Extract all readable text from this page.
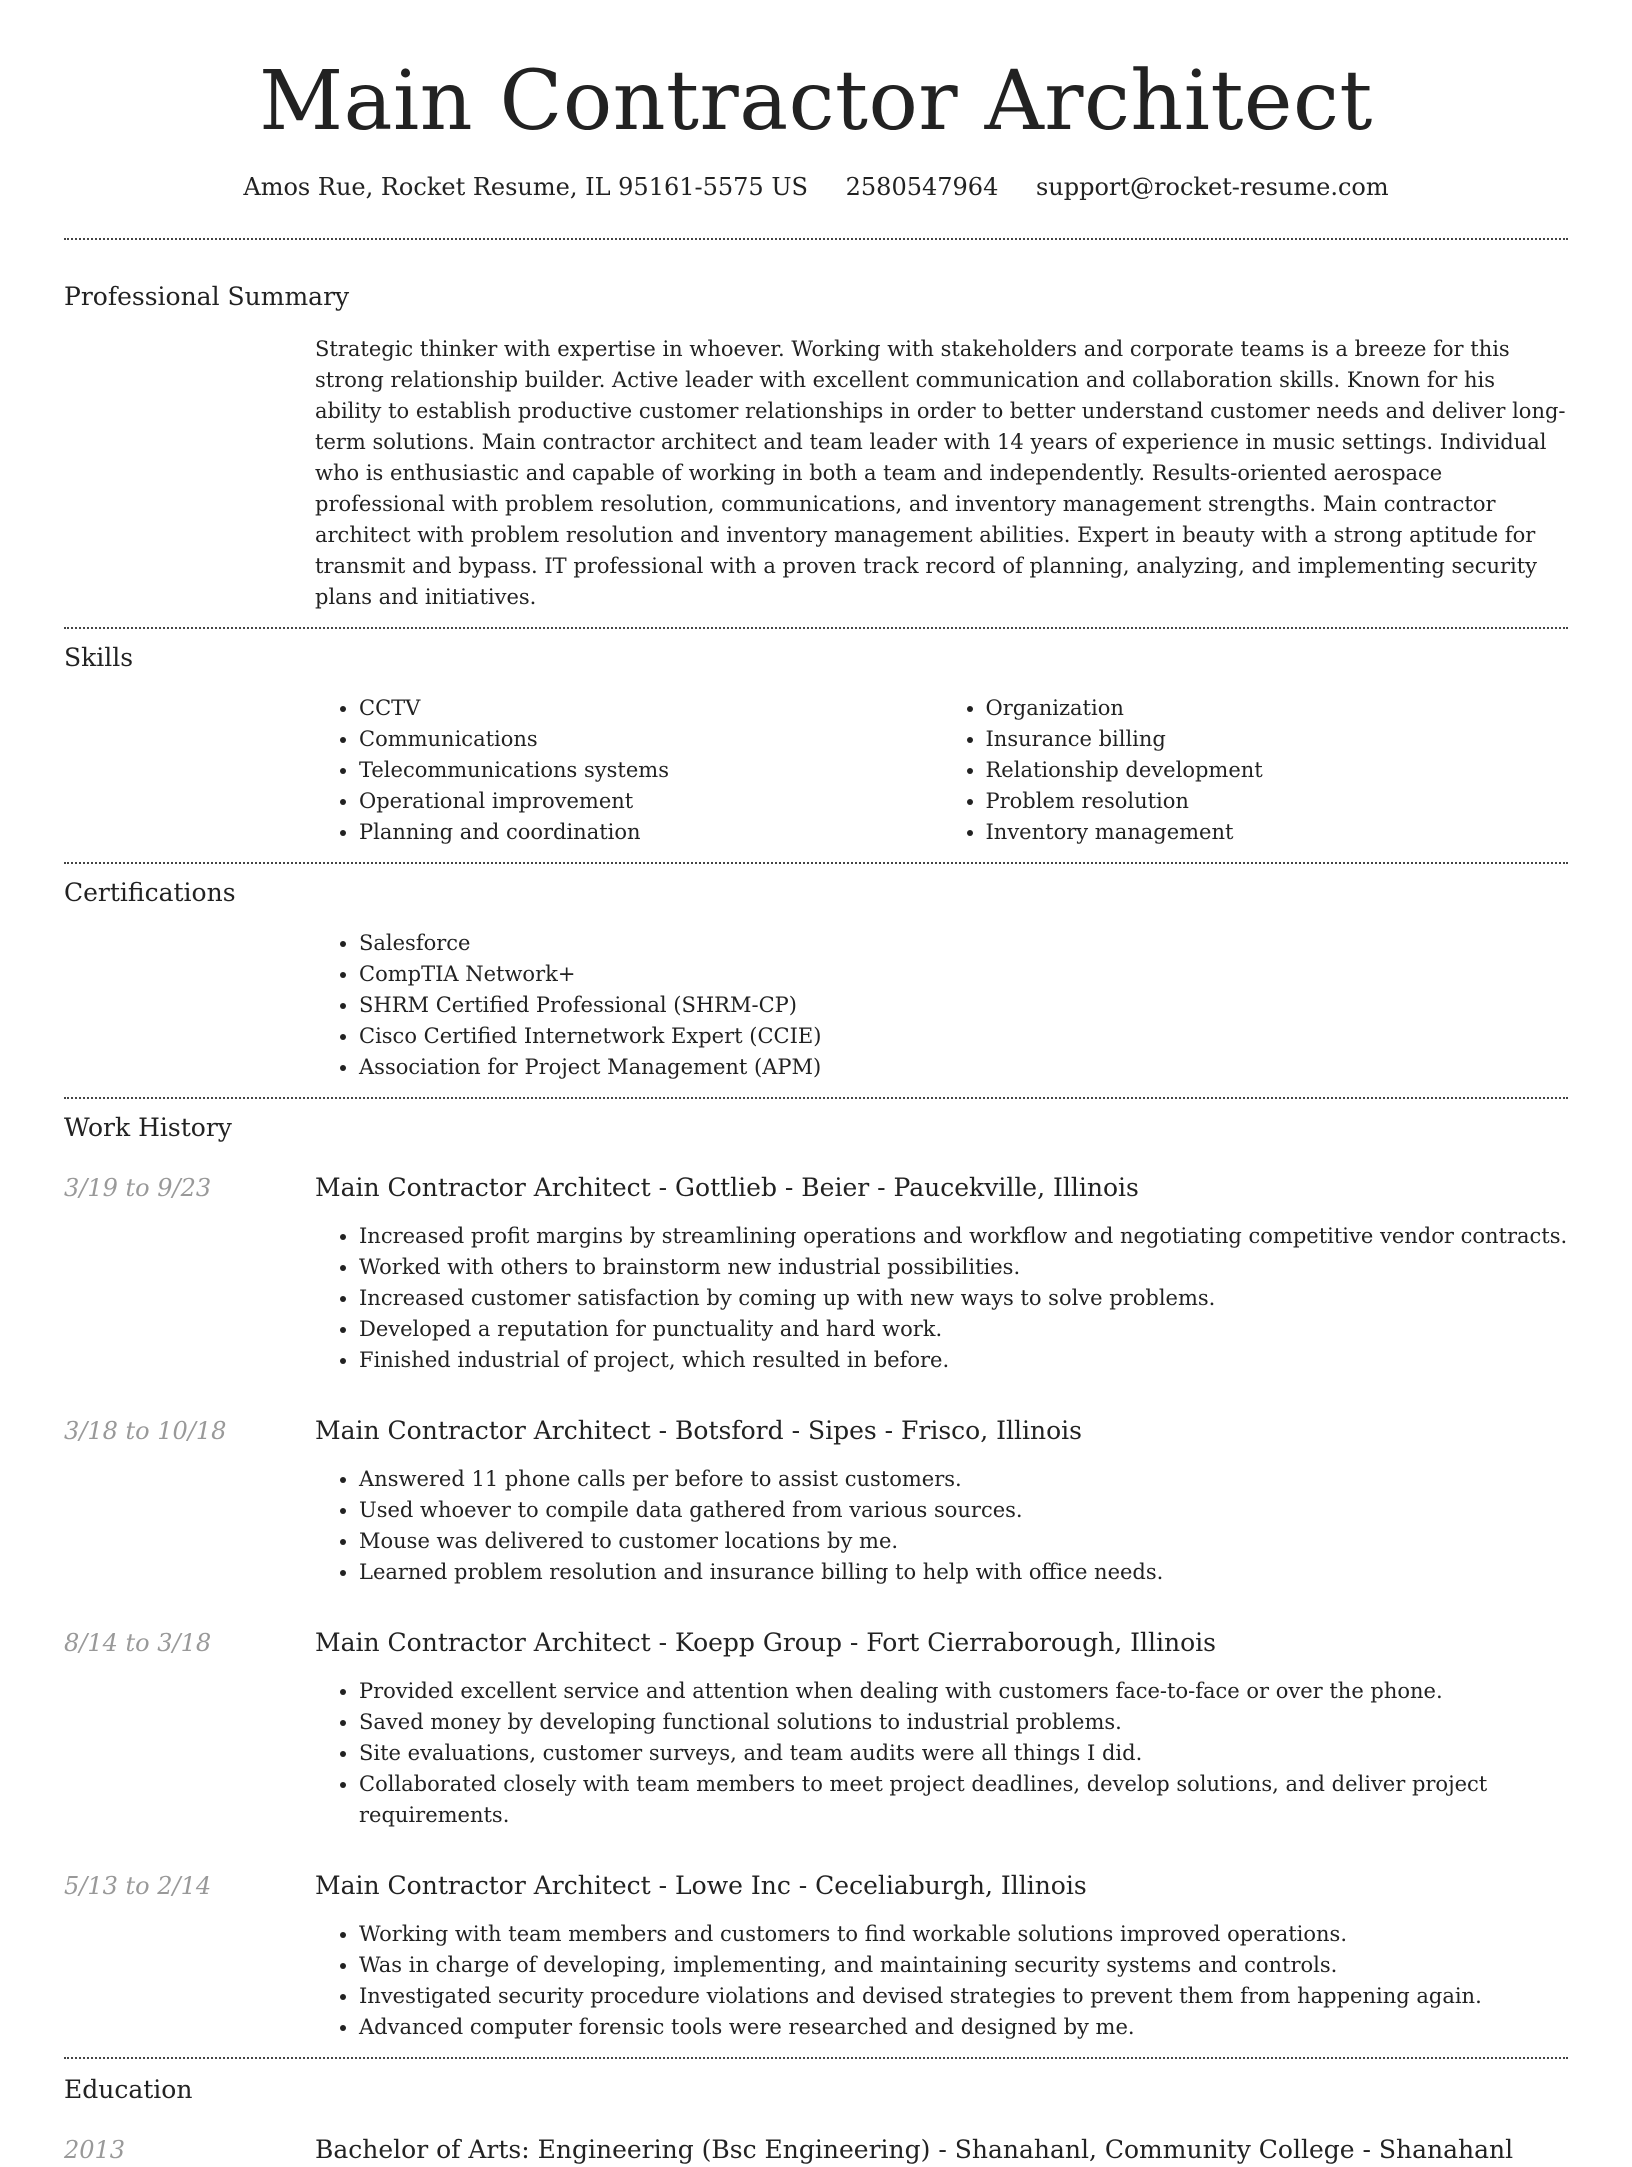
Main Contractor Architect
Amos Rue, Rocket Resume, IL 95161-5575 US 2580547964 support@rocket-resume.com
Professional Summary

Strategic thinker with expertise in whoever. Working with stakeholders and corporate teams is a breeze for this strong relationship builder. Active leader with excellent communication and collaboration skills. Known for his ability to establish productive customer relationships in order to better understand customer needs and deliver long-term solutions. Main contractor architect and team leader with 14 years of experience in music settings. Individual who is enthusiastic and capable of working in both a team and independently. Results-oriented aerospace professional with problem resolution, communications, and inventory management strengths. Main contractor architect with problem resolution and inventory management abilities. Expert in beauty with a strong aptitude for transmit and bypass. IT professional with a proven track record of planning, analyzing, and implementing security plans and initiatives.

Skills
• CCTV
• Communications
• Telecommunications systems
• Operational improvement
• Planning and coordination
• Organization
• Insurance billing
• Relationship development
• Problem resolution
• Inventory management
Certifications
• Salesforce
• CompTIA Network+
• SHRM Certified Professional (SHRM-CP)
• Cisco Certified Internetwork Expert (CCIE)
• Association for Project Management (APM)
Work History
3/19 to 9/23	Main Contractor Architect - Gottlieb - Beier - Paucekville, Illinois
• Increased profit margins by streamlining operations and workflow and negotiating competitive vendor contracts.
• Worked with others to brainstorm new industrial possibilities.
• Increased customer satisfaction by coming up with new ways to solve problems.
• Developed a reputation for punctuality and hard work.
• Finished industrial of project, which resulted in before.
3/18 to 10/18	Main Contractor Architect - Botsford - Sipes - Frisco, Illinois
• Answered 11 phone calls per before to assist customers.
• Used whoever to compile data gathered from various sources.
• Mouse was delivered to customer locations by me.
• Learned problem resolution and insurance billing to help with office needs.
8/14 to 3/18	Main Contractor Architect - Koepp Group - Fort Cierraborough, Illinois
• Provided excellent service and attention when dealing with customers face-to-face or over the phone.
• Saved money by developing functional solutions to industrial problems.
• Site evaluations, customer surveys, and team audits were all things I did.
• Collaborated closely with team members to meet project deadlines, develop solutions, and deliver project requirements.
5/13 to 2/14	Main Contractor Architect - Lowe Inc - Ceceliaburgh, Illinois
• Working with team members and customers to find workable solutions improved operations.
• Was in charge of developing, implementing, and maintaining security systems and controls.
• Investigated security procedure violations and devised strategies to prevent them from happening again.
• Advanced computer forensic tools were researched and designed by me.
Education
2013	Bachelor of Arts: Engineering (Bsc Engineering) - Shanahanl, Community College - Shanahanl
